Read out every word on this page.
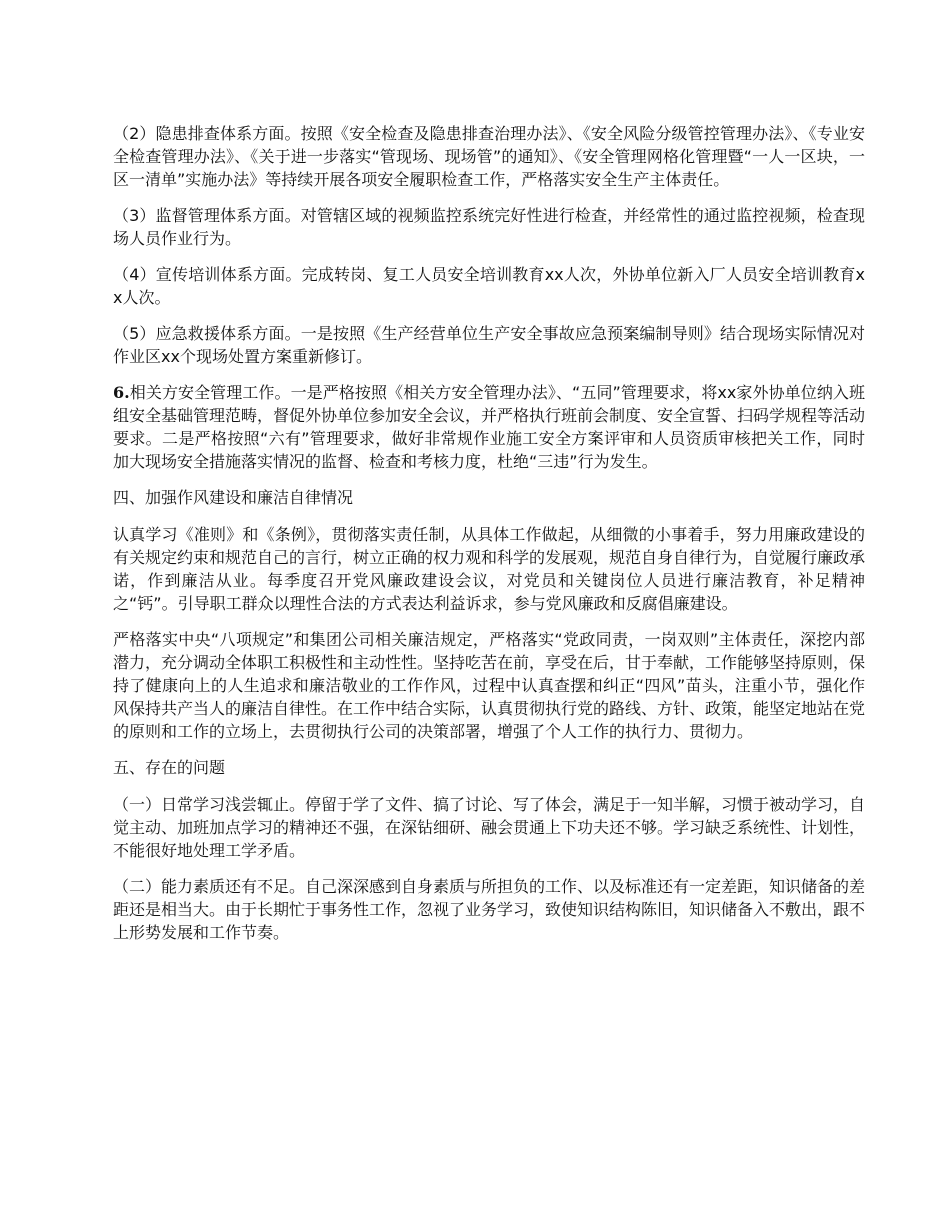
（2）隐患排查体系方面。按照《安全检查及隐患排查治理办法》、《安全风险分级管控管理办法》、《专业安全检查管理办法》、《关于进一步落实“管现场、现场管”的通知》、《安全管理网格化管理暨“一人一区块，一区一清单”实施办法》等持续开展各项安全履职检查工作，严格落实安全生产主体责任。

（3）监督管理体系方面。对管辖区域的视频监控系统完好性进行检查，并经常性的通过监控视频，检查现场人员作业行为。

（4）宣传培训体系方面。完成转岗、复工人员安全培训教育xx人次，外协单位新入厂人员安全培训教育xx人次。

（5）应急救援体系方面。一是按照《生产经营单位生产安全事故应急预案编制导则》结合现场实际情况对作业区xx个现场处置方案重新修订。

6.相关方安全管理工作。一是严格按照《相关方安全管理办法》、“五同”管理要求，将xx家外协单位纳入班组安全基础管理范畴，督促外协单位参加安全会议，并严格执行班前会制度、安全宣誓、扫码学规程等活动要求。二是严格按照“六有”管理要求，做好非常规作业施工安全方案评审和人员资质审核把关工作，同时加大现场安全措施落实情况的监督、检查和考核力度，杜绝“三违”行为发生。

四、加强作风建设和廉洁自律情况

认真学习《准则》和《条例》，贯彻落实责任制，从具体工作做起，从细微的小事着手，努力用廉政建设的有关规定约束和规范自己的言行，树立正确的权力观和科学的发展观，规范自身自律行为，自觉履行廉政承诺，作到廉洁从业。每季度召开党风廉政建设会议，对党员和关键岗位人员进行廉洁教育，补足精神之“钙”。引导职工群众以理性合法的方式表达利益诉求，参与党风廉政和反腐倡廉建设。

严格落实中央“八项规定”和集团公司相关廉洁规定，严格落实“党政同责，一岗双则”主体责任，深挖内部潜力，充分调动全体职工积极性和主动性性。坚持吃苦在前，享受在后，甘于奉献，工作能够坚持原则，保持了健康向上的人生追求和廉洁敬业的工作作风，过程中认真查摆和纠正“四风”苗头，注重小节，强化作风保持共产当人的廉洁自律性。在工作中结合实际，认真贯彻执行党的路线、方针、政策，能坚定地站在党的原则和工作的立场上，去贯彻执行公司的决策部署，增强了个人工作的执行力、贯彻力。

五、存在的问题

（一）日常学习浅尝辄止。停留于学了文件、搞了讨论、写了体会，满足于一知半解，习惯于被动学习，自觉主动、加班加点学习的精神还不强，在深钻细研、融会贯通上下功夫还不够。学习缺乏系统性、计划性，不能很好地处理工学矛盾。

（二）能力素质还有不足。自己深深感到自身素质与所担负的工作、以及标准还有一定差距，知识储备的差距还是相当大。由于长期忙于事务性工作，忽视了业务学习，致使知识结构陈旧，知识储备入不敷出，跟不上形势发展和工作节奏。
